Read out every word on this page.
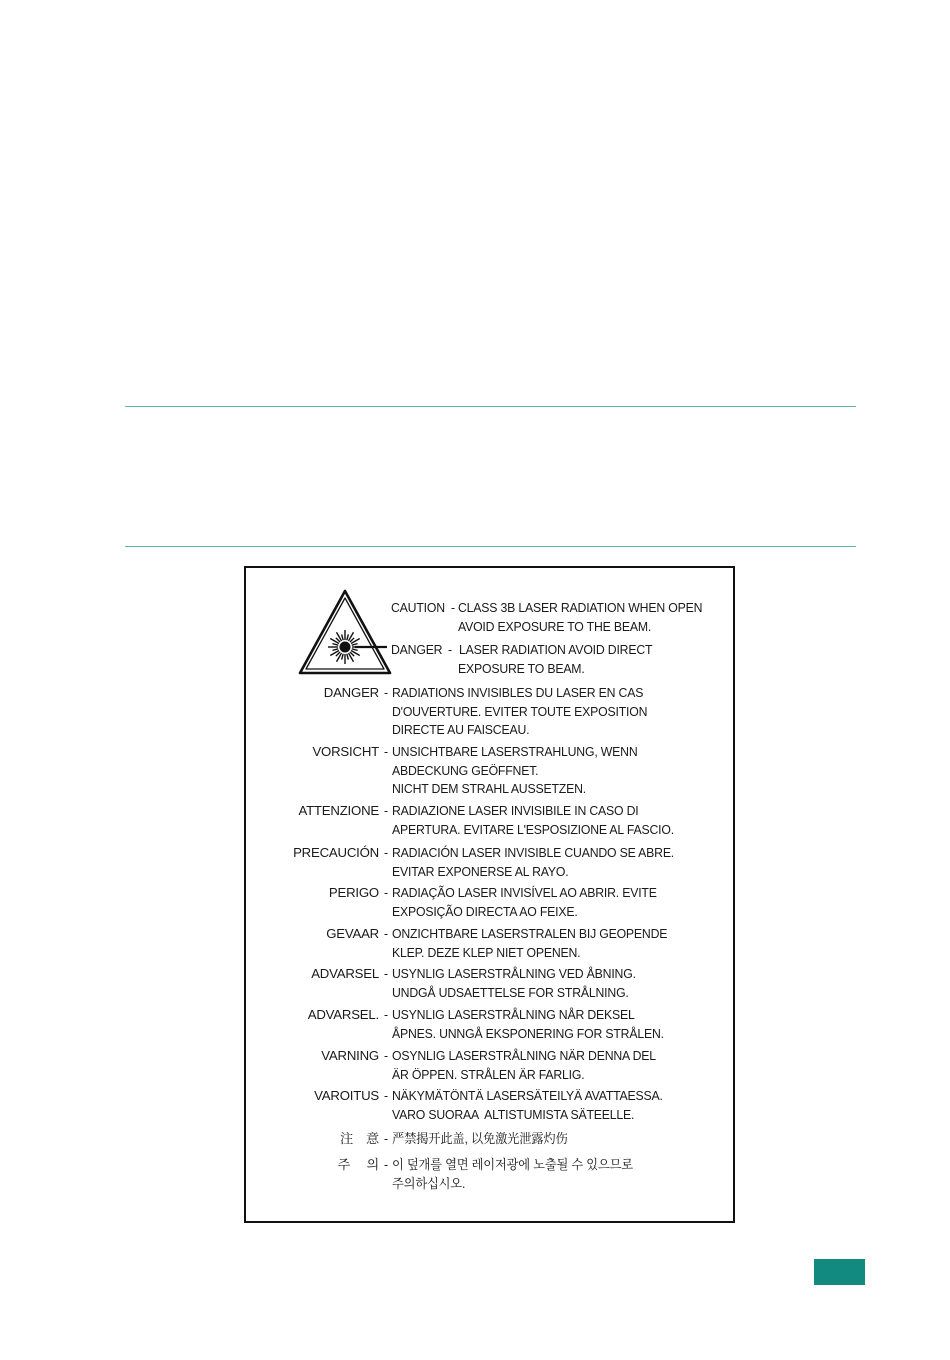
CAUTION - CLASS 3B LASER RADIATION WHEN OPEN
AVOID EXPOSURE TO THE BEAM.
DANGER - LASER RADIATION AVOID DIRECT
EXPOSURE TO BEAM.
DANGER - RADIATIONS INVISIBLES DU LASER EN CAS
D'OUVERTURE. EVITER TOUTE EXPOSITION
DIRECTE AU FAISCEAU.
VORSICHT - UNSICHTBARE LASERSTRAHLUNG, WENN
ABDECKUNG GEÖFFNET.
NICHT DEM STRAHL AUSSETZEN.
ATTENZIONE - RADIAZIONE LASER INVISIBILE IN CASO DI
APERTURA. EVITARE L'ESPOSIZIONE AL FASCIO.
PRECAUCIÓN - RADIACIÓN LASER INVISIBLE CUANDO SE ABRE.
EVITAR EXPONERSE AL RAYO.
PERIGO - RADIAÇÃO LASER INVISÍVEL AO ABRIR. EVITE
EXPOSIÇÃO DIRECTA AO FEIXE.
GEVAAR - ONZICHTBARE LASERSTRALEN BIJ GEOPENDE
KLEP. DEZE KLEP NIET OPENEN.
ADVARSEL - USYNLIG LASERSTRÅLNING VED ÅBNING.
UNDGÅ UDSAETTELSE FOR STRÅLNING.
ADVARSEL. - USYNLIG LASERSTRÅLNING NÅR DEKSEL
ÅPNES. UNNGÅ EKSPONERING FOR STRÅLEN.
VARNING - OSYNLIG LASERSTRÅLNING NÄR DENNA DEL
ÄR ÖPPEN. STRÅLEN ÄR FARLIG.
VAROITUS - NÄKYMÄTÖNTÄ LASERSÄTEILYÄ AVATTAESSA.
VARO SUORAA  ALTISTUMISTA SÄTEELLE.
注　意 - 严禁揭开此盖, 以免激光泄露灼伤
주　 의 - 이 덮개를 열면 레이저광에 노출될 수 있으므로
주의하십시오.
